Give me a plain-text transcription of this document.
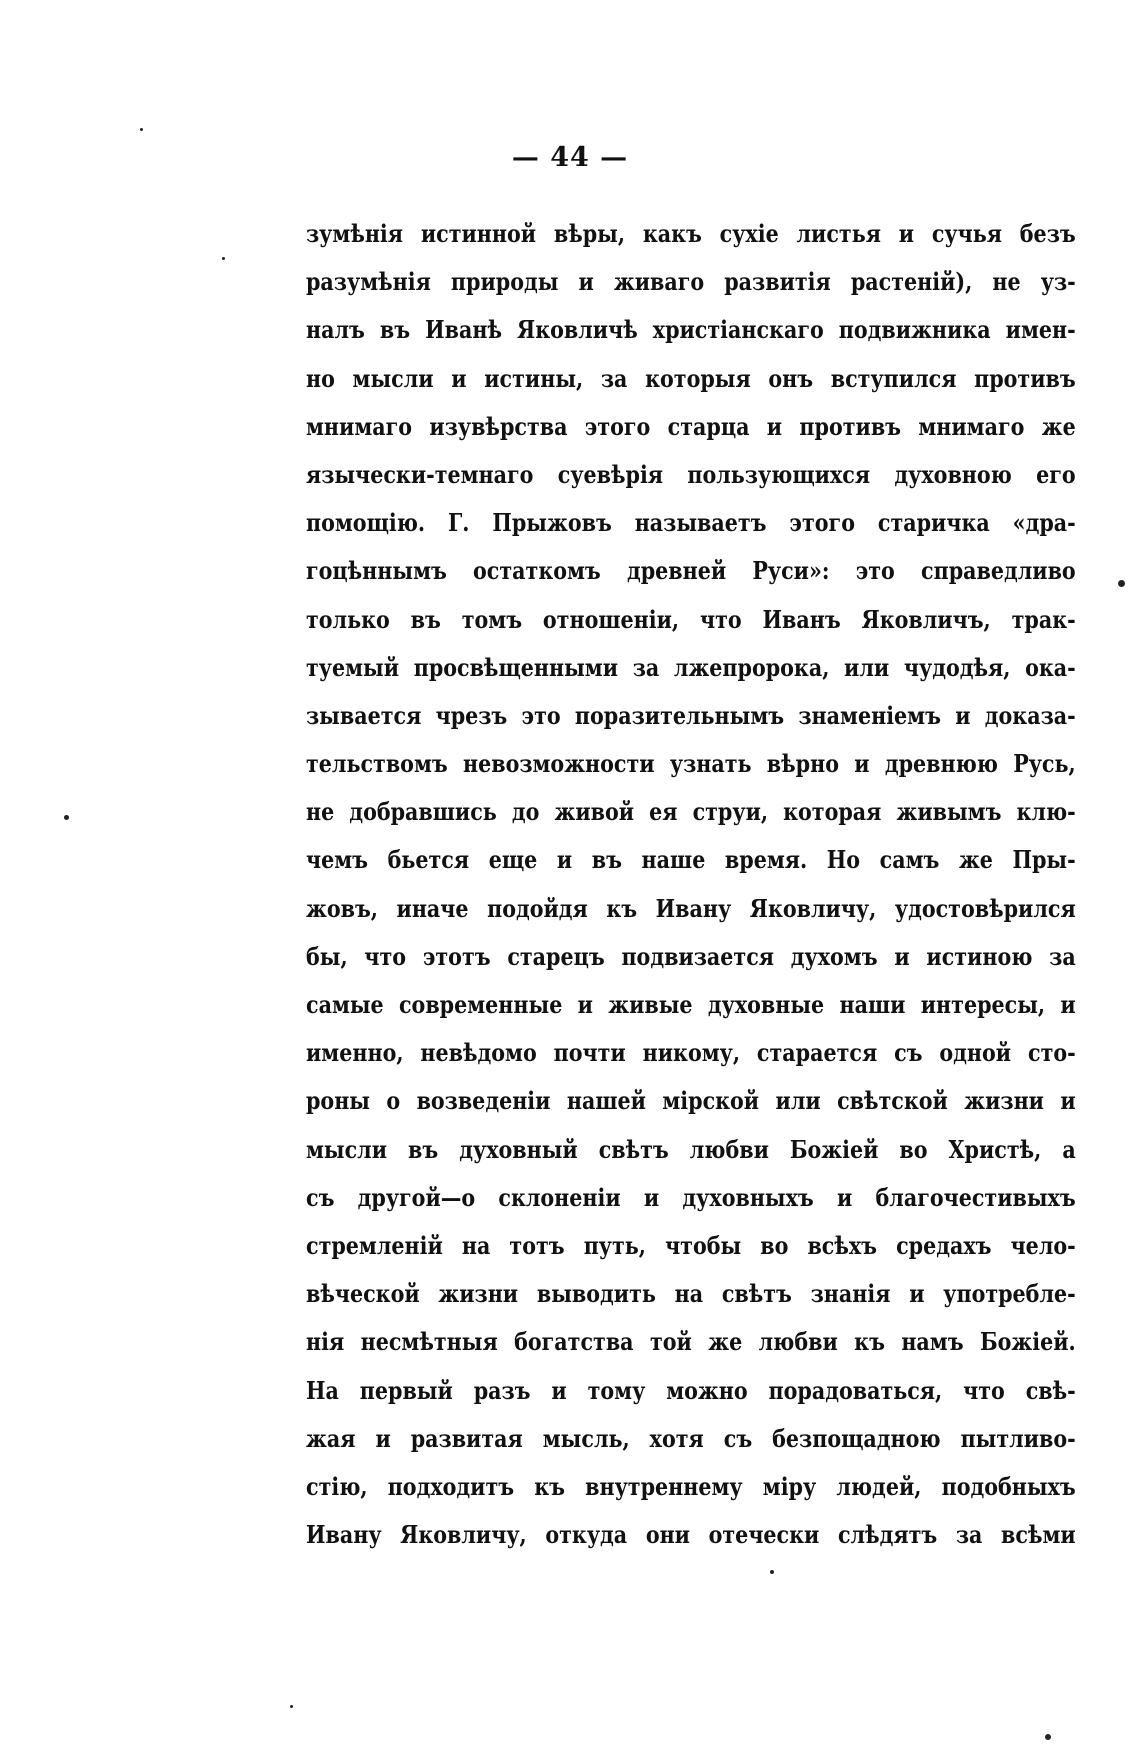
— 44 —
зумѣнія истинной вѣры, какъ сухіе листья и сучья безъ
разумѣнія природы и живаго развитія растеній), не уз-
налъ въ Иванѣ Яковличѣ христіанскаго подвижника имен-
но мысли и истины, за которыя онъ вступился противъ
мнимаго изувѣрства этого старца и противъ мнимаго же
язычески-темнаго суевѣрія пользующихся духовною его
помощію. Г. Прыжовъ называетъ этого старичка «дра-
гоцѣннымъ остаткомъ древней Руси»: это справедливо
только въ томъ отношеніи, что Иванъ Яковличъ, трак-
туемый просвѣщенными за лжепророка, или чудодѣя, ока-
зывается чрезъ это поразительнымъ знаменіемъ и доказа-
тельствомъ невозможности узнать вѣрно и древнюю Русь,
не добравшись до живой ея струи, которая живымъ клю-
чемъ бьется еще и въ наше время. Но самъ же Пры-
жовъ, иначе подойдя къ Ивану Яковличу, удостовѣрился
бы, что этотъ старецъ подвизается духомъ и истиною за
самые современные и живые духовные наши интересы, и
именно, невѣдомо почти никому, старается съ одной сто-
роны о возведеніи нашей мірской или свѣтской жизни и
мысли въ духовный свѣтъ любви Божіей во Христѣ, а
съ другой—о склоненіи и духовныхъ и благочестивыхъ
стремленій на тотъ путь, чтобы во всѣхъ средахъ чело-
вѣческой жизни выводить на свѣтъ знанія и употребле-
нія несмѣтныя богатства той же любви къ намъ Божіей.
На первый разъ и тому можно порадоваться, что свѣ-
жая и развитая мысль, хотя съ безпощадною пытливо-
стію, подходитъ къ внутреннему міру людей, подобныхъ
Ивану Яковличу, откуда они отечески слѣдятъ за всѣми
